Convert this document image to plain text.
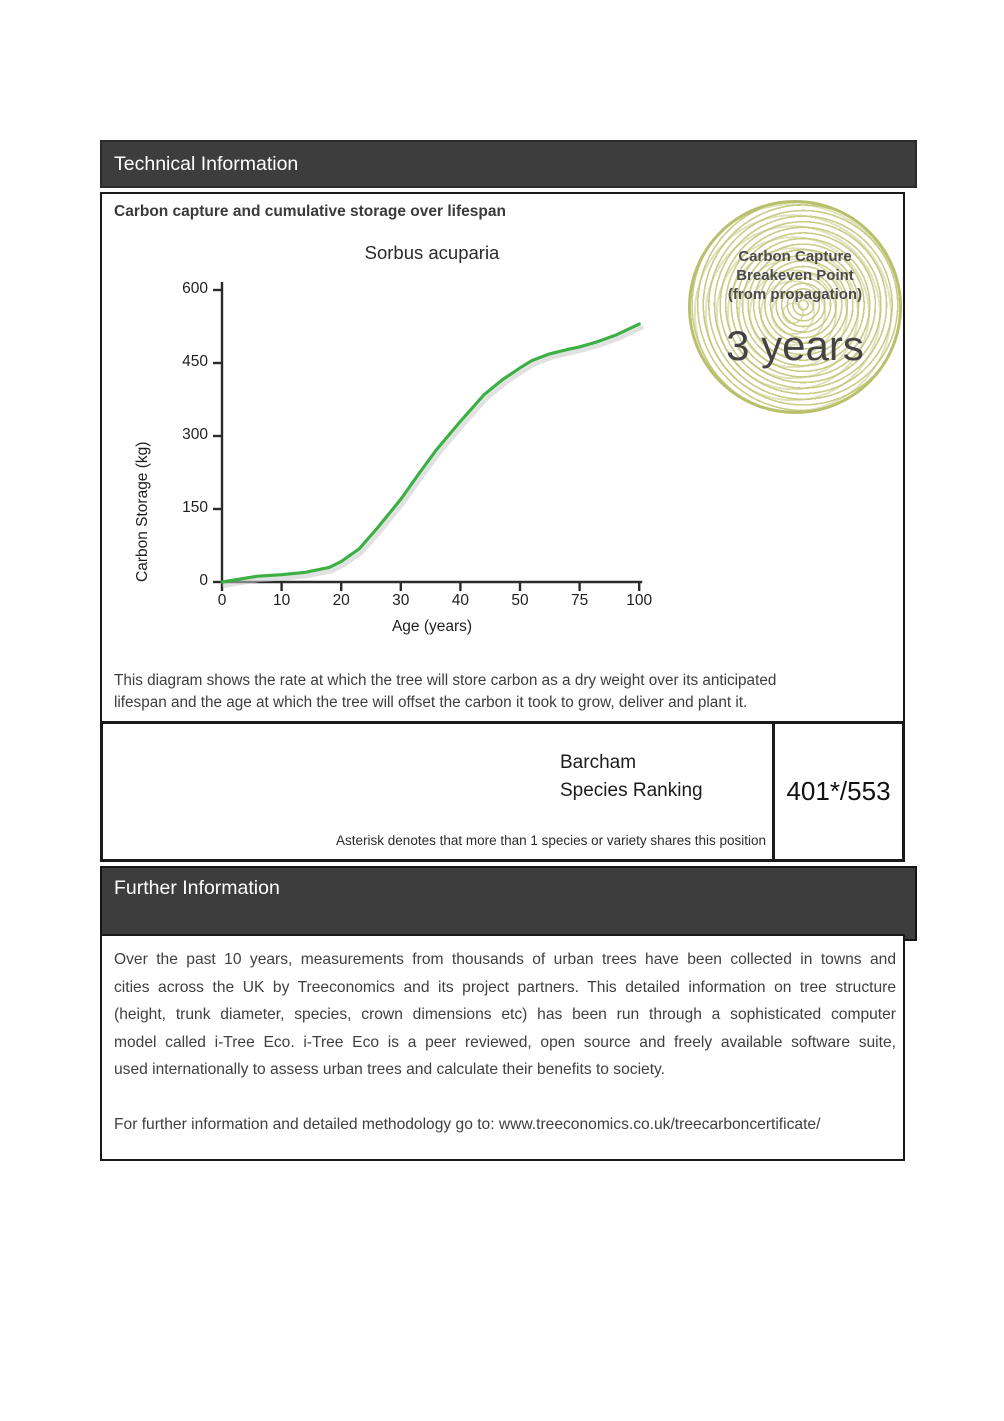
Technical Information
Carbon capture and cumulative storage over lifespan
Sorbus acuparia
Carbon Storage (kg)
Age (years)
0
150
300
450
600
0	10	20	30	40	50	75	100
Carbon Capture
Breakeven Point
(from propagation)
3 years
This diagram shows the rate at which the tree will store carbon as a dry weight over its anticipated
lifespan and the age at which the tree will offset the carbon it took to grow, deliver and plant it.
Barcham
Species Ranking
Asterisk denotes that more than 1 species or variety shares this position
401*/553
Further Information
Over the past 10 years, measurements from thousands of urban trees have been collected in towns and
cities across the UK by Treeconomics and its project partners. This detailed information on tree structure
(height, trunk diameter, species, crown dimensions etc) has been run through a sophisticated computer
model called i-Tree Eco. i-Tree Eco is a peer reviewed, open source and freely available software suite,
used internationally to assess urban trees and calculate their benefits to society.
For further information and detailed methodology go to: www.treeconomics.co.uk/treecarboncertificate/
